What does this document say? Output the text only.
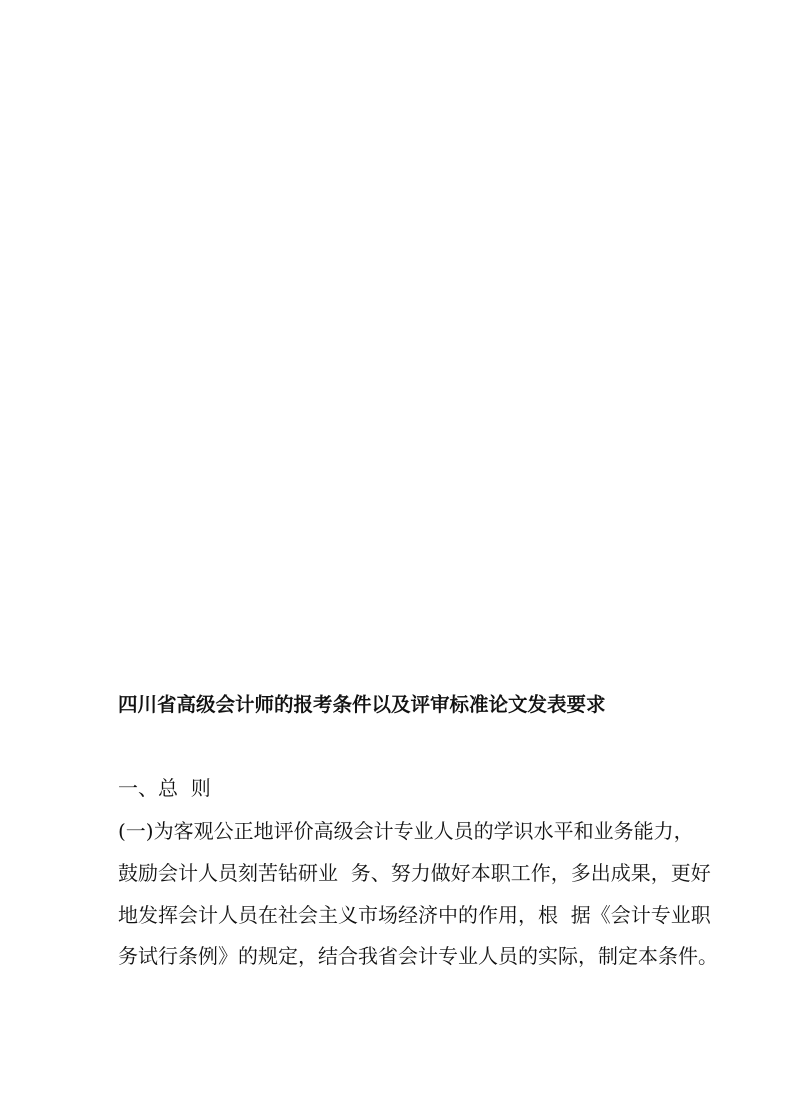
四川省高级会计师的报考条件以及评审标准论文发表要求
一、总  则
(一)为客观公正地评价高级会计专业人员的学识水平和业务能力，
鼓励会计人员刻苦钻研业  务、努力做好本职工作，多出成果，更好
地发挥会计人员在社会主义市场经济中的作用，根  据《会计专业职
务试行条例》的规定，结合我省会计专业人员的实际，制定本条件。
